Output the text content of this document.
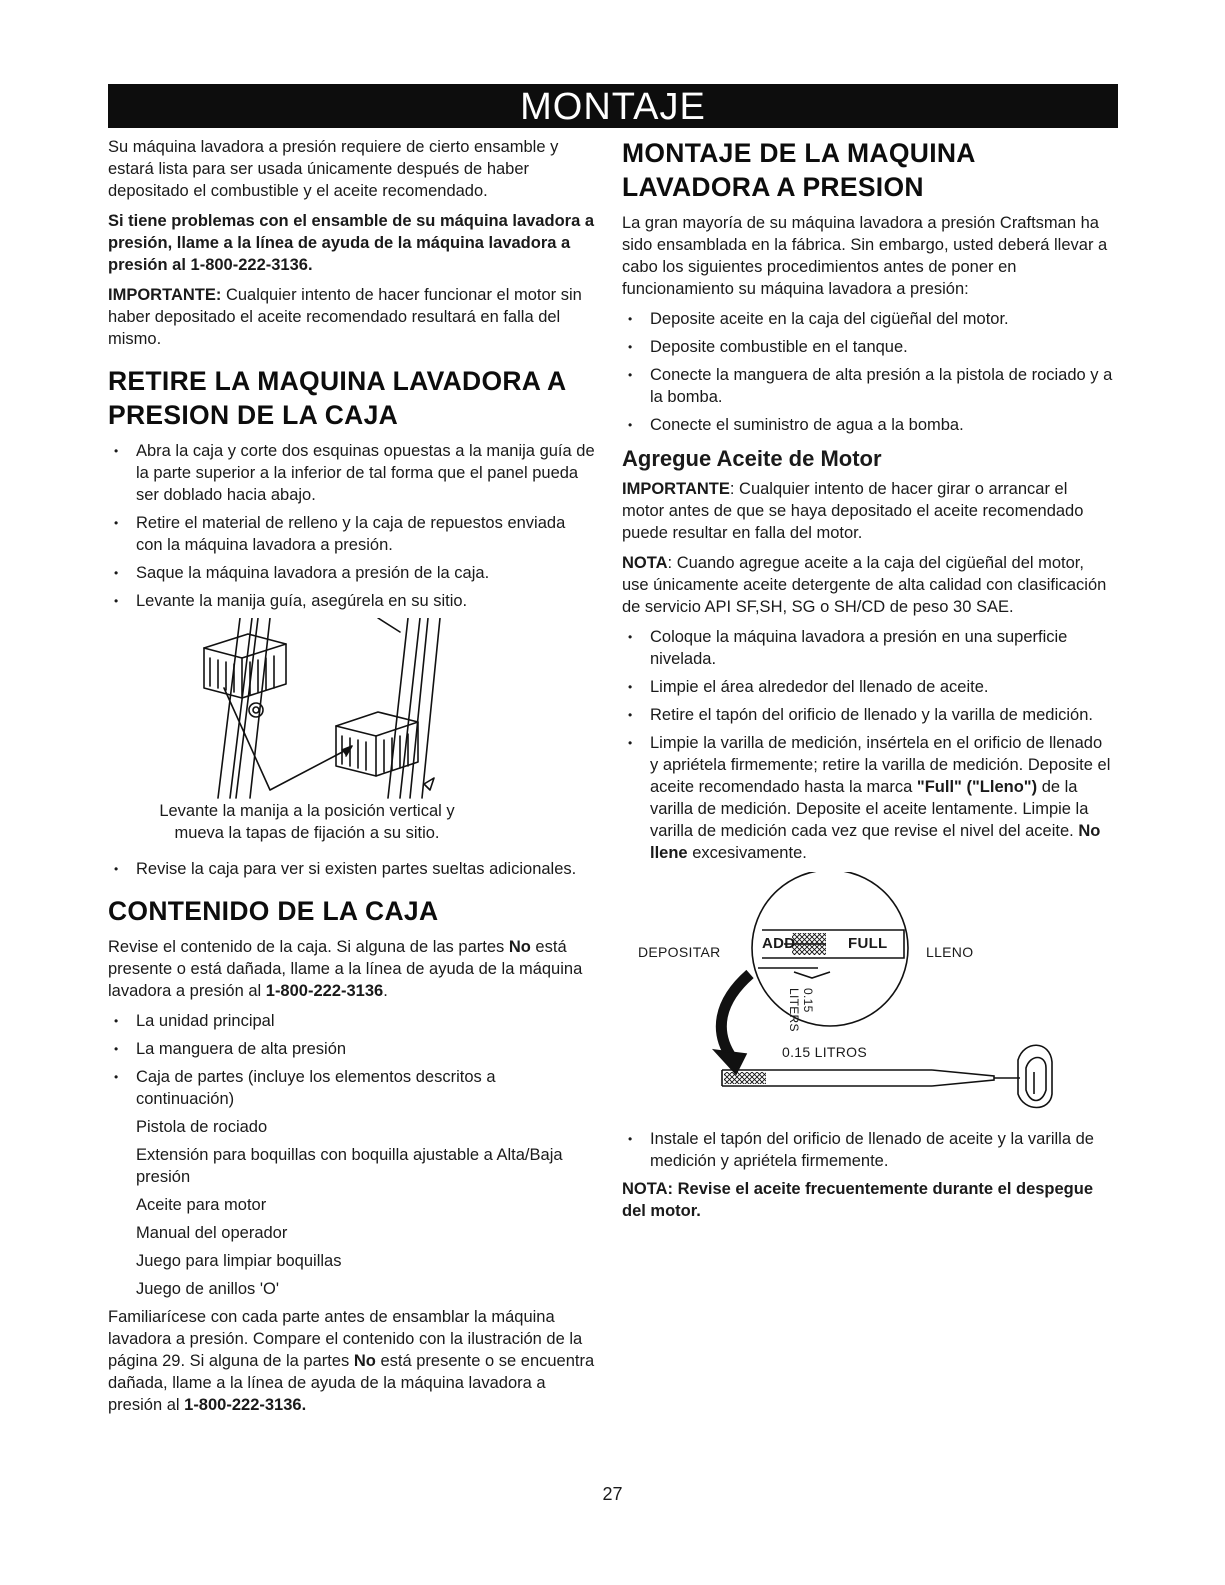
MONTAJE

Su máquina lavadora a presión requiere de cierto ensamble y estará lista para ser usada únicamente después de haber depositado el combustible y el aceite recomendado.

Si tiene problemas con el ensamble de su máquina lavadora a presión, llame a la línea de ayuda de la máquina lavadora a presión al 1-800-222-3136.

IMPORTANTE: Cualquier intento de hacer funcionar el motor sin haber depositado el aceite recomendado resultará en falla del mismo.

RETIRE LA MAQUINA LAVADORA A PRESION DE LA CAJA
• Abra la caja y corte dos esquinas opuestas a la manija guía de la parte superior a la inferior de tal forma que el panel pueda ser doblado hacia abajo.
• Retire el material de relleno y la caja de repuestos enviada con la máquina lavadora a presión.
• Saque la máquina lavadora a presión de la caja.
• Levante la manija guía, asegúrela en su sitio.

Levante la manija a la posición vertical y
mueva la tapas de fijación a su sitio.

• Revise la caja para ver si existen partes sueltas adicionales.
CONTENIDO DE LA CAJA

Revise el contenido de la caja. Si alguna de las partes No está presente o está dañada, llame a la línea de ayuda de la máquina lavadora a presión al 1-800-222-3136.

• La unidad principal
• La manguera de alta presión
• Caja de partes (incluye los elementos descritos a continuación)
Pistola de rociado
Extensión para boquillas con boquilla ajustable a Alta/Baja presión
Aceite para motor
Manual del operador
Juego para limpiar boquillas
Juego de anillos 'O'

Familiarícese con cada parte antes de ensamblar la máquina lavadora a presión. Compare el contenido con la ilustración de la página 29. Si alguna de la partes No está presente o se encuentra dañada, llame a la línea de ayuda de la máquina lavadora a presión al 1-800-222-3136.

MONTAJE DE LA MAQUINA LAVADORA A PRESION

La gran mayoría de su máquina lavadora a presión Craftsman ha sido ensamblada en la fábrica. Sin embargo, usted deberá llevar a cabo los siguientes procedimientos antes de poner en funcionamiento su máquina lavadora a presión:

• Deposite aceite en la caja del cigüeñal del motor.
• Deposite combustible en el tanque.
• Conecte la manguera de alta presión a la pistola de rociado y a la bomba.
• Conecte el suministro de agua a la bomba.
Agregue Aceite de Motor

IMPORTANTE: Cualquier intento de hacer girar o arrancar el motor antes de que se haya depositado el aceite recomendado puede resultar en falla del motor.

NOTA: Cuando agregue aceite a la caja del cigüeñal del motor, use únicamente aceite detergente de alta calidad con clasificación de servicio API SF,SH, SG o SH/CD de peso 30 SAE.

• Coloque la máquina lavadora a presión en una superficie nivelada.
• Limpie el área alrededor del llenado de aceite.
• Retire el tapón del orificio de llenado y la varilla de medición.
• Limpie la varilla de medición, insértela en el orificio de llenado y apriétela firmemente; retire la varilla de medición. Deposite el aceite recomendado hasta la marca "Full" ("Lleno") de la varilla de medición. Deposite el aceite lentamente. Limpie la varilla de medición cada vez que revise el nivel del aceite. No llene excesivamente.
DEPOSITAR	LLENO
ADD	FULL
0.15
LITERS
0.15 LITROS
• Instale el tapón del orificio de llenado de aceite y la varilla de medición y apriétela firmemente.

NOTA: Revise el aceite frecuentemente durante el despegue del motor.

27
